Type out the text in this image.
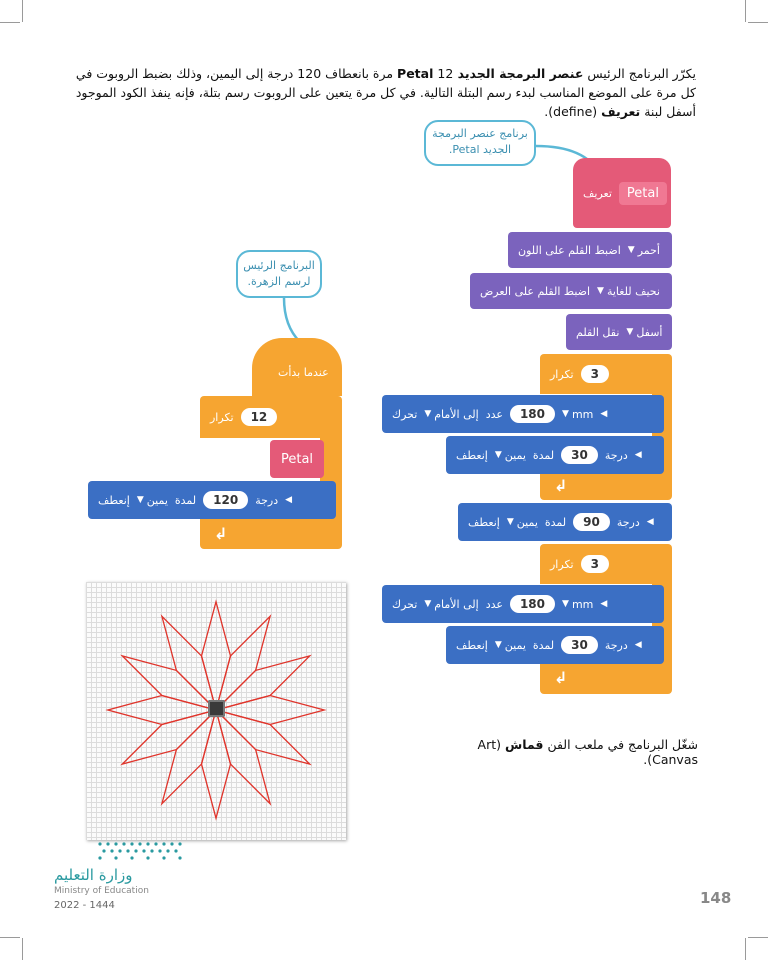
يكرّر البرنامج الرئيس عنصر البرمجة الجديد Petal 12 مرة بانعطاف 120 درجة إلى اليمين، وذلك بضبط الروبوت في كل مرة على الموضع المناسب لبدء رسم البتلة التالية. في كل مرة يتعين على الروبوت رسم بتلة، فإنه ينفذ الكود الموجود أسفل لبنة تعريف (define).
برنامج عنصر البرمجة الجديد Petal.
البرنامج الرئيس لرسم الزهرة.
عندما بدأت
تكرار	12
Petal
إنعطف يمين
▼	لمدة	120	درجة ◀
↲
تعريف	Petal
اضبط القلم على اللون أحمر
▼
اضبط القلم على العرض نحيف للغاية
▼
نقل القلم أسفل
▼
تكرار	3
تحرك إلى الأمام
▼	عدد	180	mm
▼	◀
إنعطف يمين
▼	لمدة	30	درجة ◀
↲
إنعطف يمين
▼	لمدة	90	درجة ◀
تكرار	3
تحرك إلى الأمام
▼	عدد	180	mm
▼	◀
إنعطف يمين
▼	لمدة	30	درجة ◀
↲
شغّل البرنامج في ملعب الفن قماش (Art Canvas).
وزارة التعليم
Ministry of Education
2022 - 1444	148
